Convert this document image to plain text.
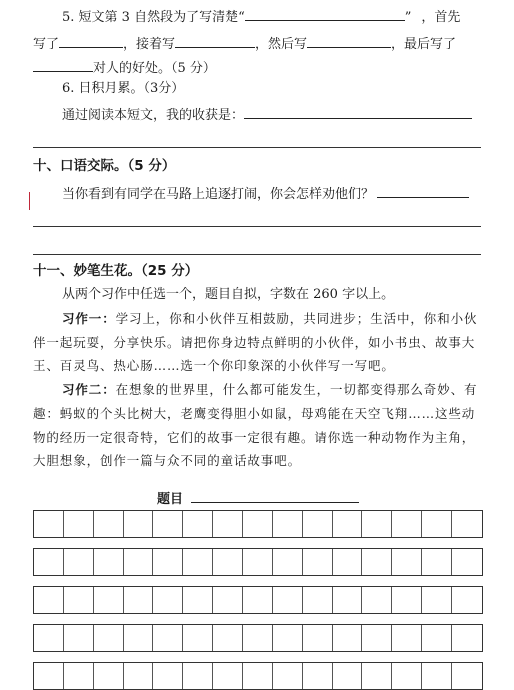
5. 短文第 3 自然段为了写清楚“	” ，首先
写了	，接着写	，然后写	，最后写了
对人的好处。（5 分）
6. 日积月累。（3分）
通过阅读本短文，我的收获是：
十、口语交际。（5 分）
当你看到有同学在马路上追逐打闹，你会怎样劝他们？
十一、妙笔生花。（25 分）
从两个习作中任选一个，题目自拟，字数在 260 字以上。
习作一：学习上，你和小伙伴互相鼓励，共同进步；生活中，你和小伙
伴一起玩耍，分享快乐。请把你身边特点鲜明的小伙伴，如小书虫、故事大
王、百灵鸟、热心肠……选一个你印象深的小伙伴写一写吧。
习作二：在想象的世界里，什么都可能发生，一切都变得那么奇妙、有
趣：蚂蚁的个头比树大，老鹰变得胆小如鼠，母鸡能在天空飞翔……这些动
物的经历一定很奇特，它们的故事一定很有趣。请你选一种动物作为主角，
大胆想象，创作一篇与众不同的童话故事吧。
题目
